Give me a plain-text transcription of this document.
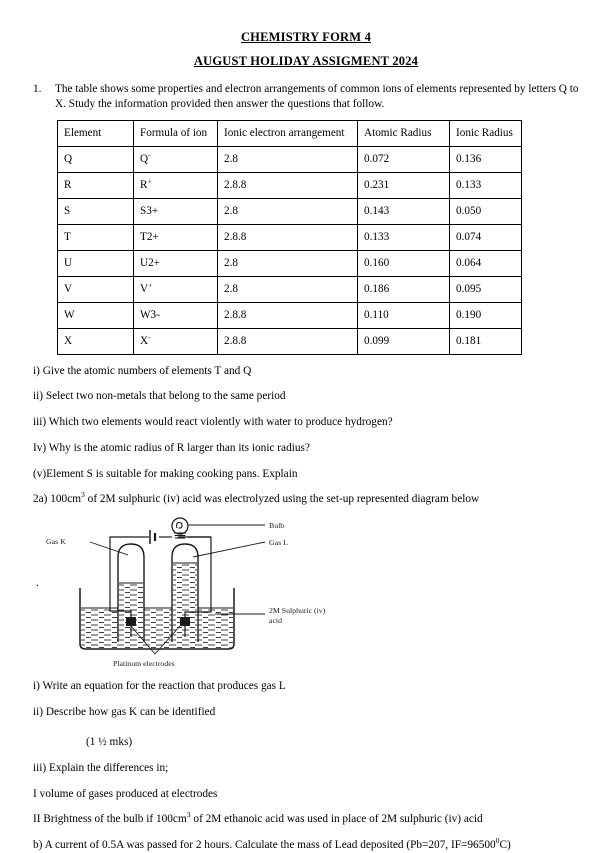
CHEMISTRY FORM 4
AUGUST HOLIDAY ASSIGMENT 2024
1.	The table shows some properties and electron arrangements of common ions of elements represented by letters Q to X. Study the information provided then answer the questions that follow.
Element	Formula of ion	Ionic electron arrangement	Atomic Radius	Ionic Radius
Q	Q-	2.8	0.072	0.136
R	R+	2.8.8	0.231	0.133
S	S3+	2.8	0.143	0.050
T	T2+	2.8.8	0.133	0.074
U	U2+	2.8	0.160	0.064
V	V+	2.8	0.186	0.095
W	W3-	2.8.8	0.110	0.190
X	X-	2.8.8	0.099	0.181
i) Give the atomic numbers of elements T and Q
ii) Select two non-metals that belong to the same period
iii) Which two elements would react violently with water to produce hydrogen?
Iv) Why is the atomic radius of R larger than its ionic radius?
(v)Element S is suitable for making cooking pans. Explain
2a) $100cm^3$ of 2M sulphuric (iv) acid was electrolyzed using the set-up represented diagram below
Gas K	Gas L
Bulb
2M Sulphuric (iv)
acid
Platinum electrodes
.
i) Write an equation for the reaction that produces gas L
ii) Describe how gas K can be identified
(1 ½ mks)
iii) Explain the differences in;
I volume of gases produced at electrodes
II Brightness of the bulb if $100cm^3$ of 2M ethanoic acid was used in place of 2M sulphuric (iv) acid
b) A current of 0.5A was passed for 2 hours. Calculate the mass of Lead deposited (Pb=207, $IF=96500^0C$)
